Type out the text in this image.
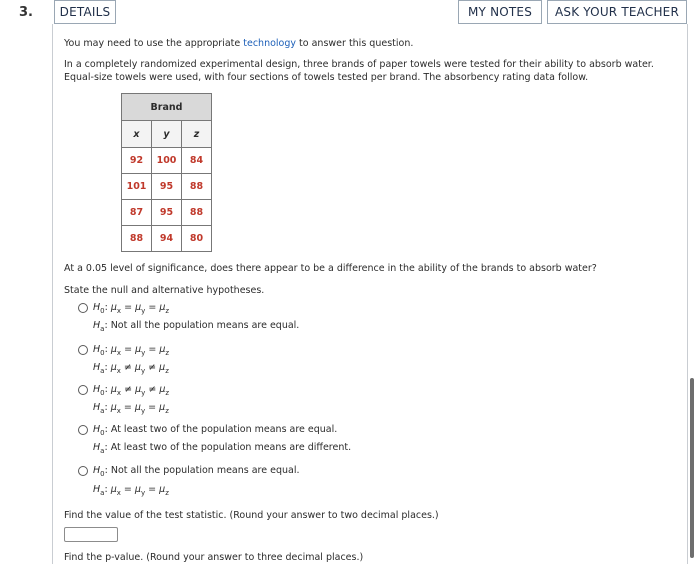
3.	DETAILS	MY NOTES	ASK YOUR TEACHER
You may need to use the appropriate technology to answer this question.
In a completely randomized experimental design, three brands of paper towels were tested for their ability to absorb water.
Equal-size towels were used, with four sections of towels tested per brand. The absorbency rating data follow.
Brand		
x	y	z
92	100	84
101	95	88
87	95	88
88	94	80
At a 0.05 level of significance, does there appear to be a difference in the ability of the brands to absorb water?
State the null and alternative hypotheses.
$H_0$: $\mu_x = \mu_y = \mu_z$
$H_a$: Not all the population means are equal.
$H_0$: $\mu_x = \mu_y = \mu_z$
$H_a$: $\mu_x \ne \mu_y \ne \mu_z$
$H_0$: $\mu_x \ne \mu_y \ne \mu_z$
$H_a$: $\mu_x = \mu_y = \mu_z$
$H_0$: At least two of the population means are equal.
$H_a$: At least two of the population means are different.
$H_0$: Not all the population means are equal.
$H_a$: $\mu_x = \mu_y = \mu_z$
Find the value of the test statistic. (Round your answer to two decimal places.)
Find the p-value. (Round your answer to three decimal places.)
